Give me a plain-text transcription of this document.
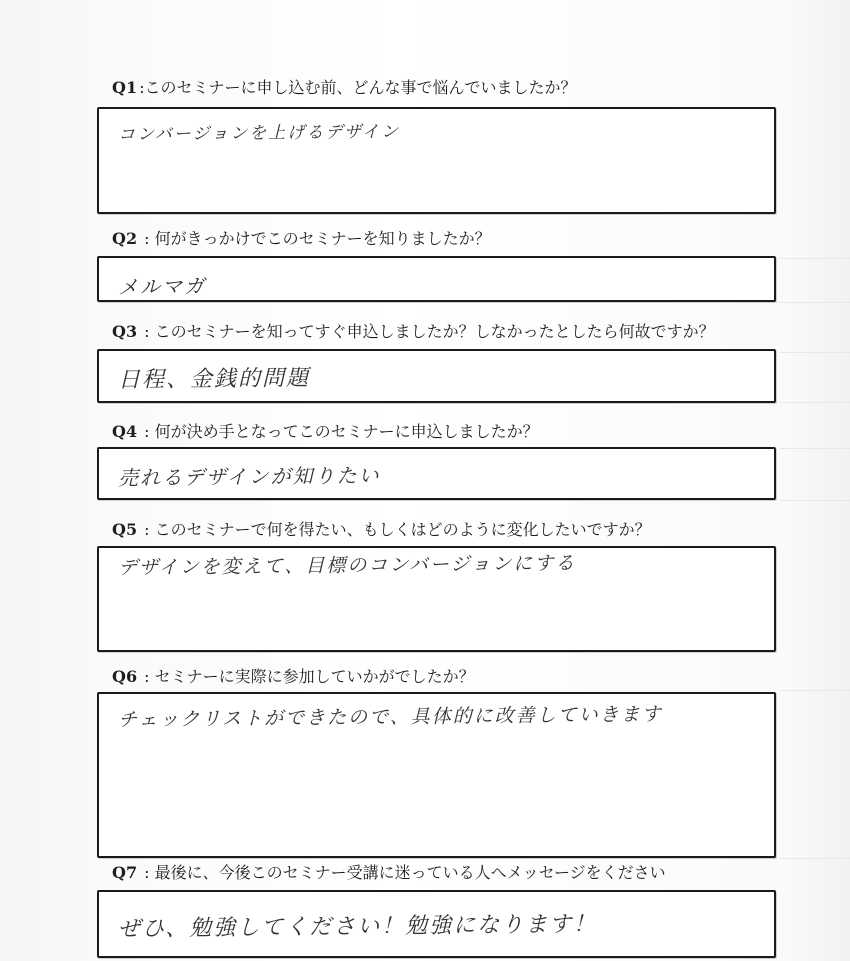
Q1 :このセミナーに申し込む前、どんな事で悩んでいましたか？
コンバージョンを上げるデザイン
Q2 : 何がきっかけでこのセミナーを知りましたか？
メルマガ
Q3 : このセミナーを知ってすぐ申込しましたか？しなかったとしたら何故ですか？
日程、金銭的問題
Q4 : 何が決め手となってこのセミナーに申込しましたか？
売れるデザインが知りたい
Q5 : このセミナーで何を得たい、もしくはどのように変化したいですか？
デザインを変えて、目標のコンバージョンにする
Q6 : セミナーに実際に参加していかがでしたか？
チェックリストができたので、具体的に改善していきます
Q7 : 最後に、今後このセミナー受講に迷っている人へメッセージをください
ぜひ、勉強してください！勉強になります！
